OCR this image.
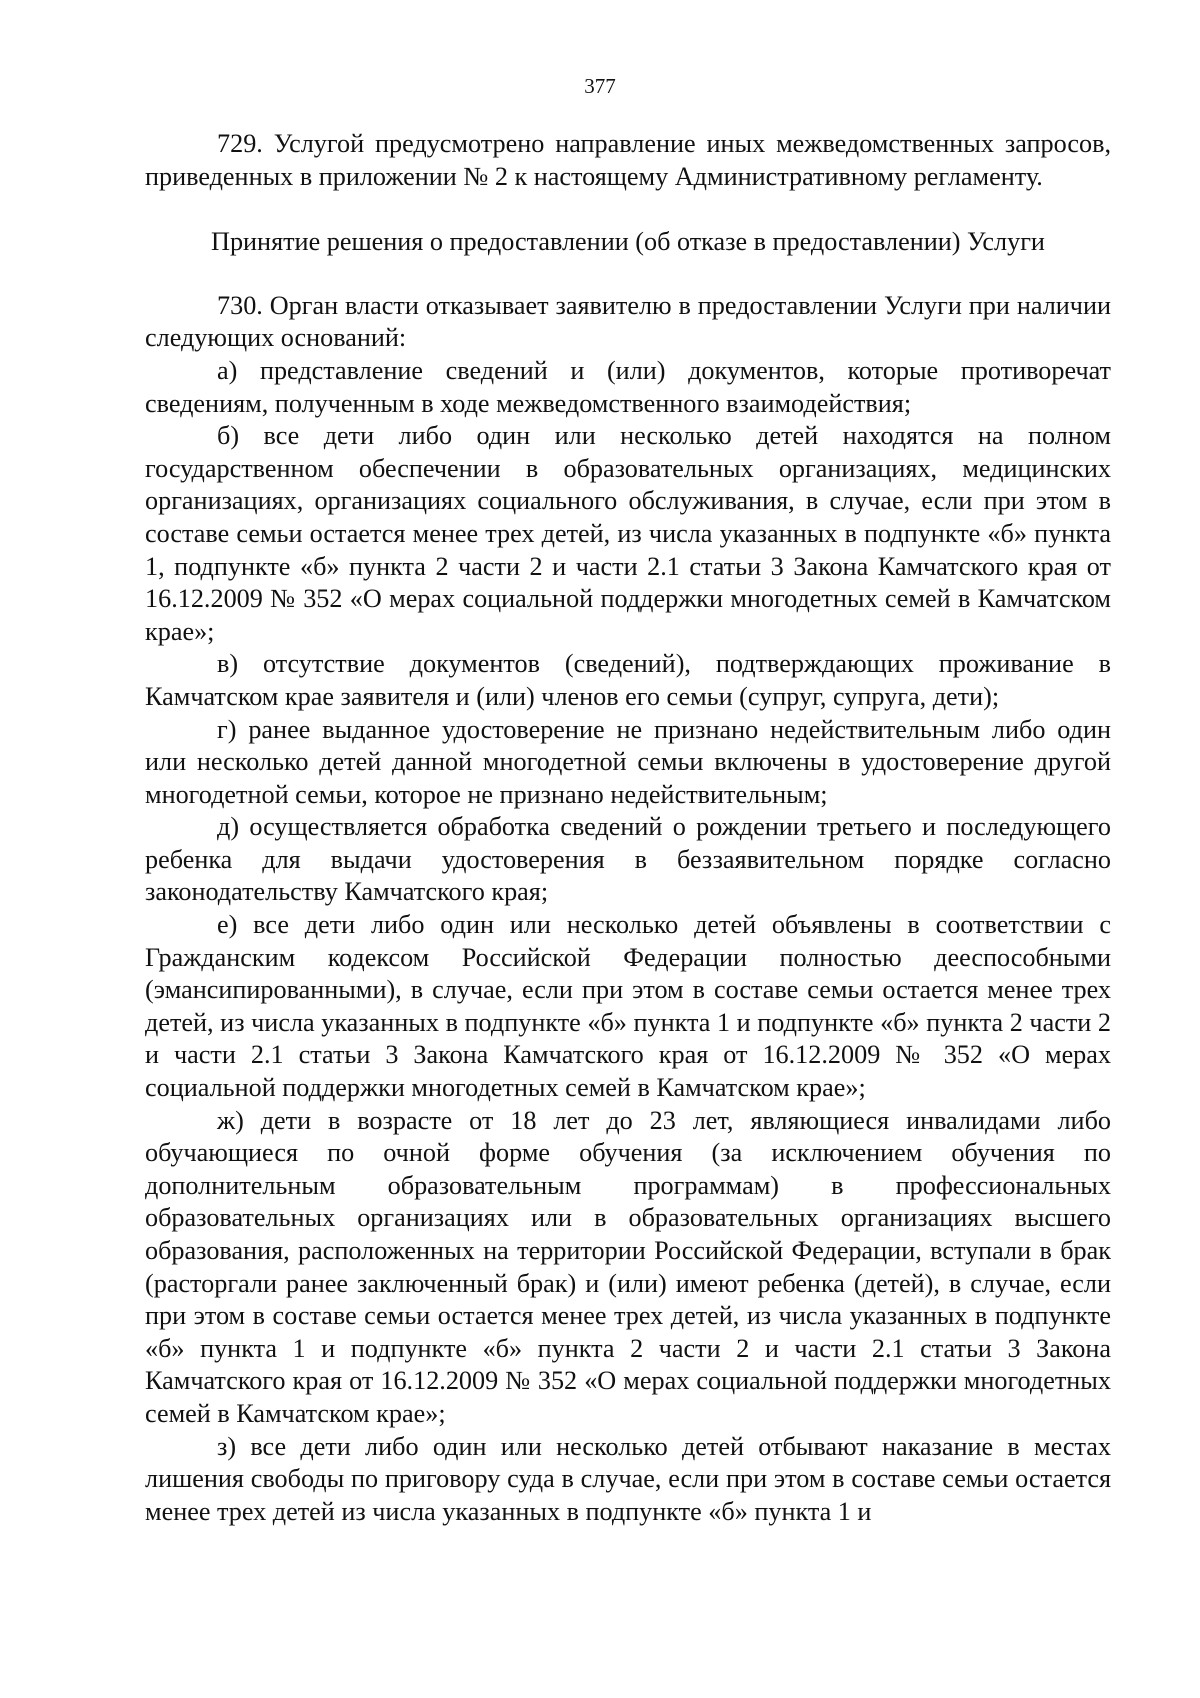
377

729. Услугой предусмотрено направление иных межведомственных запросов, приведенных в приложении № 2 к настоящему Административному регламенту.

Принятие решения о предоставлении (об отказе в предоставлении) Услуги

730. Орган власти отказывает заявителю в предоставлении Услуги при наличии следующих оснований:

а) представление сведений и (или) документов, которые противоречат сведениям, полученным в ходе межведомственного взаимодействия;

б) все дети либо один или несколько детей находятся на полном государственном обеспечении в образовательных организациях, медицинских организациях, организациях социального обслуживания, в случае, если при этом в составе семьи остается менее трех детей, из числа указанных в подпункте «б» пункта 1, подпункте «б» пункта 2 части 2 и части 2.1 статьи 3 Закона Камчатского края от 16.12.2009 № 352 «О мерах социальной поддержки многодетных семей в Камчатском крае»;

в) отсутствие документов (сведений), подтверждающих проживание в Камчатском крае заявителя и (или) членов его семьи (супруг, супруга, дети);

г) ранее выданное удостоверение не признано недействительным либо один или несколько детей данной многодетной семьи включены в удостоверение другой многодетной семьи, которое не признано недействительным;

д) осуществляется обработка сведений о рождении третьего и последующего ребенка для выдачи удостоверения в беззаявительном порядке согласно законодательству Камчатского края;

е) все дети либо один или несколько детей объявлены в соответствии с Гражданским кодексом Российской Федерации полностью дееспособными (эмансипированными), в случае, если при этом в составе семьи остается менее трех детей, из числа указанных в подпункте «б» пункта 1 и подпункте «б» пункта 2 части 2 и части 2.1 статьи 3 Закона Камчатского края от 16.12.2009 № 352 «О мерах социальной поддержки многодетных семей в Камчатском крае»;

ж) дети в возрасте от 18 лет до 23 лет, являющиеся инвалидами либо обучающиеся по очной форме обучения (за исключением обучения по дополнительным образовательным программам) в профессиональных образовательных организациях или в образовательных организациях высшего образования, расположенных на территории Российской Федерации, вступали в брак (расторгали ранее заключенный брак) и (или) имеют ребенка (детей), в случае, если при этом в составе семьи остается менее трех детей, из числа указанных в подпункте «б» пункта 1 и подпункте «б» пункта 2 части 2 и части 2.1 статьи 3 Закона Камчатского края от 16.12.2009 № 352 «О мерах социальной поддержки многодетных семей в Камчатском крае»;

з) все дети либо один или несколько детей отбывают наказание в местах лишения свободы по приговору суда в случае, если при этом в составе семьи остается менее трех детей из числа указанных в подпункте «б» пункта 1 и
